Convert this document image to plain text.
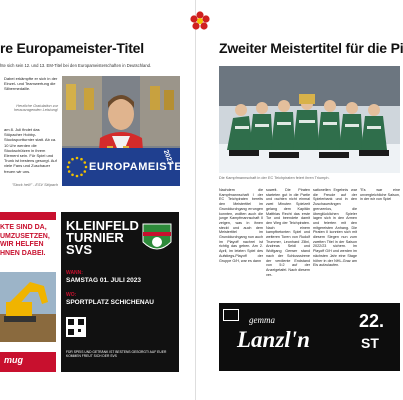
re Europameister-Titel
hte sich sein 12. und 13. EM-Titel bei den Europameisterschaften in Deutschland.
Dabei erkämpfte er sich in der Einzel- und Teamwertung die Silbermedaille.
Herzliche Gratulation zur herausragenden Leistung!
am 8. Juli findet das Stöpacher Hobby-Stocksportturnier statt. Ab ca. 10 Uhr werden die Stockschützen in ihrem Element sein. Für Spiel und Trunk ist bestens gesorgt. Auf viele Fans und Zuschauer freuen wir uns.
"Stock heil!" - ESV Stöpach
EUROPAMEISTER
2023
KTE SIND DA,
UMZUSETZEN,
WIR HELFEN
HNEN DABEI.
mug
KLEINFELD
TURNIER
SVS
WANN:
SAMSTAG 01. JULI 2023
WO:
SPORTPLATZ SCHICHENAU
FÜR SPEIS UND GETRÄNK IST BESTENS GESORGT! AUF EUER KOMMEN FREUT SICH DER SVS
Zweiter Meistertitel für die Pi
Die Kampfmannschaft in der EC Teichpiraten feiert ihren Triumph.
Nachdem die Kampfmannschaft I der EC Teichpiraten bereits den Meistertitel im Grunddurchgang errungen konnten, wollten auch die junge Kampfmannschaft II zeigen, was in ihnen steckt und auch dem Meistertitel im Grunddurchgang nun auch im Playoff nachrei ist richtig das geben. Am 2. April, im letzten Spiel des Aufstiegs-Playoff der Gruppe G/H, war es dann
soweit. Die Piraten starteten gut in die Partie und rachten nicht einmal zwei Minuten Spielzeit gelang dem Kapitän Matthias Recht das erste Tor und beendete damit den Weg der Teichpiraten. Nach einem kampfbetonten Spiel und weiteren Toren von Rudolf Trummer, Leonhard Zillni, Andreas Seidl und Wolfgang Gerwer stand nach der Schlusssirene der verdiente Endstand von 5:2 auf der Anzeigetafel. Nach diesem ver-
sationellen Ergebnis war die Freude auf der Spielerbank und in den Zuschauerängen grenzenlos, die überglücklichen Spieler lagen sich in den Armen und feierten mit den mitgereisten Anhang. Die Piraten II konnten sich mit diesem Siegen nun zum zweiten Titel in der Saison 2022/23 sichern. Im Playoff G/H und werden im nächsten Jahr eine Stage höher in der NHL-Graz am Eis aufzulaufen.
"Es war eine unvergleichliche Saison, in der wir von Spiel
gemma
Lanzl'n
22.
ST
